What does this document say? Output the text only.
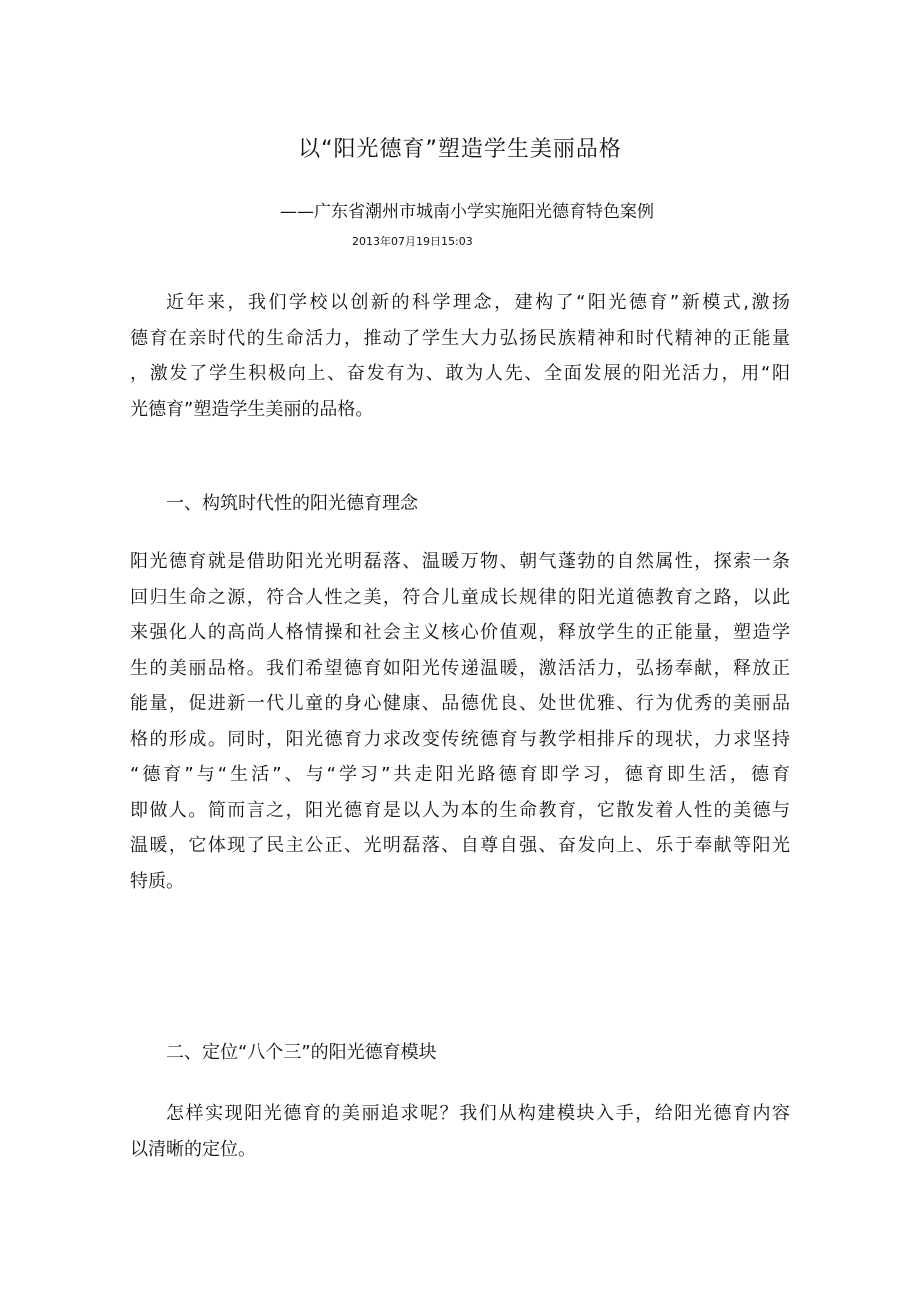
以“阳光德育”塑造学生美丽品格

——广东省潮州市城南小学实施阳光德育特色案例

2013年07月19日15:03

近年来，我们学校以创新的科学理念，建构了“阳光德育”新模式,激扬
德育在亲时代的生命活力，推动了学生大力弘扬民族精神和时代精神的正能量
，激发了学生积极向上、奋发有为、敢为人先、全面发展的阳光活力，用“阳
光德育”塑造学生美丽的品格。
一、构筑时代性的阳光德育理念
阳光德育就是借助阳光光明磊落、温暖万物、朝气蓬勃的自然属性，探索一条
回归生命之源，符合人性之美，符合儿童成长规律的阳光道德教育之路，以此
来强化人的高尚人格情操和社会主义核心价值观，释放学生的正能量，塑造学
生的美丽品格。我们希望德育如阳光传递温暖，激活活力，弘扬奉献，释放正
能量，促进新一代儿童的身心健康、品德优良、处世优雅、行为优秀的美丽品
格的形成。同时，阳光德育力求改变传统德育与教学相排斥的现状，力求坚持
“德育”与“生活”、与“学习”共走阳光路德育即学习，德育即生活，德育
即做人。简而言之，阳光德育是以人为本的生命教育，它散发着人性的美德与
温暖，它体现了民主公正、光明磊落、自尊自强、奋发向上、乐于奉献等阳光
特质。
二、定位“八个三”的阳光德育模块
怎样实现阳光德育的美丽追求呢？我们从构建模块入手，给阳光德育内容
以清晰的定位。
